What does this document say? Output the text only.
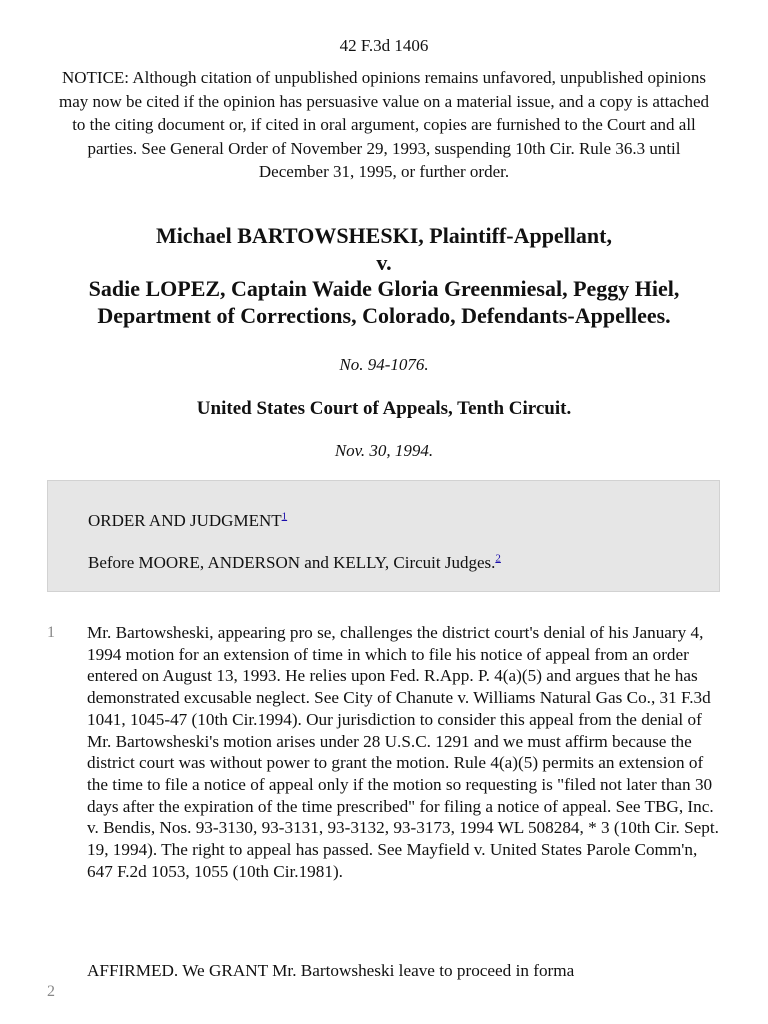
42 F.3d 1406
NOTICE: Although citation of unpublished opinions remains unfavored, unpublished opinions may now be cited if the opinion has persuasive value on a material issue, and a copy is attached to the citing document or, if cited in oral argument, copies are furnished to the Court and all parties. See General Order of November 29, 1993, suspending 10th Cir. Rule 36.3 until December 31, 1995, or further order.
Michael BARTOWSHESKI, Plaintiff-Appellant,
v.
Sadie LOPEZ, Captain Waide Gloria Greenmiesal, Peggy Hiel,
Department of Corrections, Colorado, Defendants-Appellees.
No. 94-1076.
United States Court of Appeals, Tenth Circuit.
Nov. 30, 1994.
ORDER AND JUDGMENT$^1$
Before MOORE, ANDERSON and KELLY, Circuit Judges.$^2$
1 Mr. Bartowsheski, appearing pro se, challenges the district court's denial of his January 4, 1994 motion for an extension of time in which to file his notice of appeal from an order entered on August 13, 1993. He relies upon Fed. R.App. P. 4(a)(5) and argues that he has demonstrated excusable neglect. See City of Chanute v. Williams Natural Gas Co., 31 F.3d 1041, 1045-47 (10th Cir.1994). Our jurisdiction to consider this appeal from the denial of Mr. Bartowsheski's motion arises under 28 U.S.C. 1291 and we must affirm because the district court was without power to grant the motion. Rule 4(a)(5) permits an extension of the time to file a notice of appeal only if the motion so requesting is "filed not later than 30 days after the expiration of the time prescribed" for filing a notice of appeal. See TBG, Inc. v. Bendis, Nos. 93-3130, 93-3131, 93-3132, 93-3173, 1994 WL 508284, * 3 (10th Cir. Sept. 19, 1994). The right to appeal has passed. See Mayfield v. United States Parole Comm'n, 647 F.2d 1053, 1055 (10th Cir.1981).
AFFIRMED. We GRANT Mr. Bartowsheski leave to proceed in forma
2
